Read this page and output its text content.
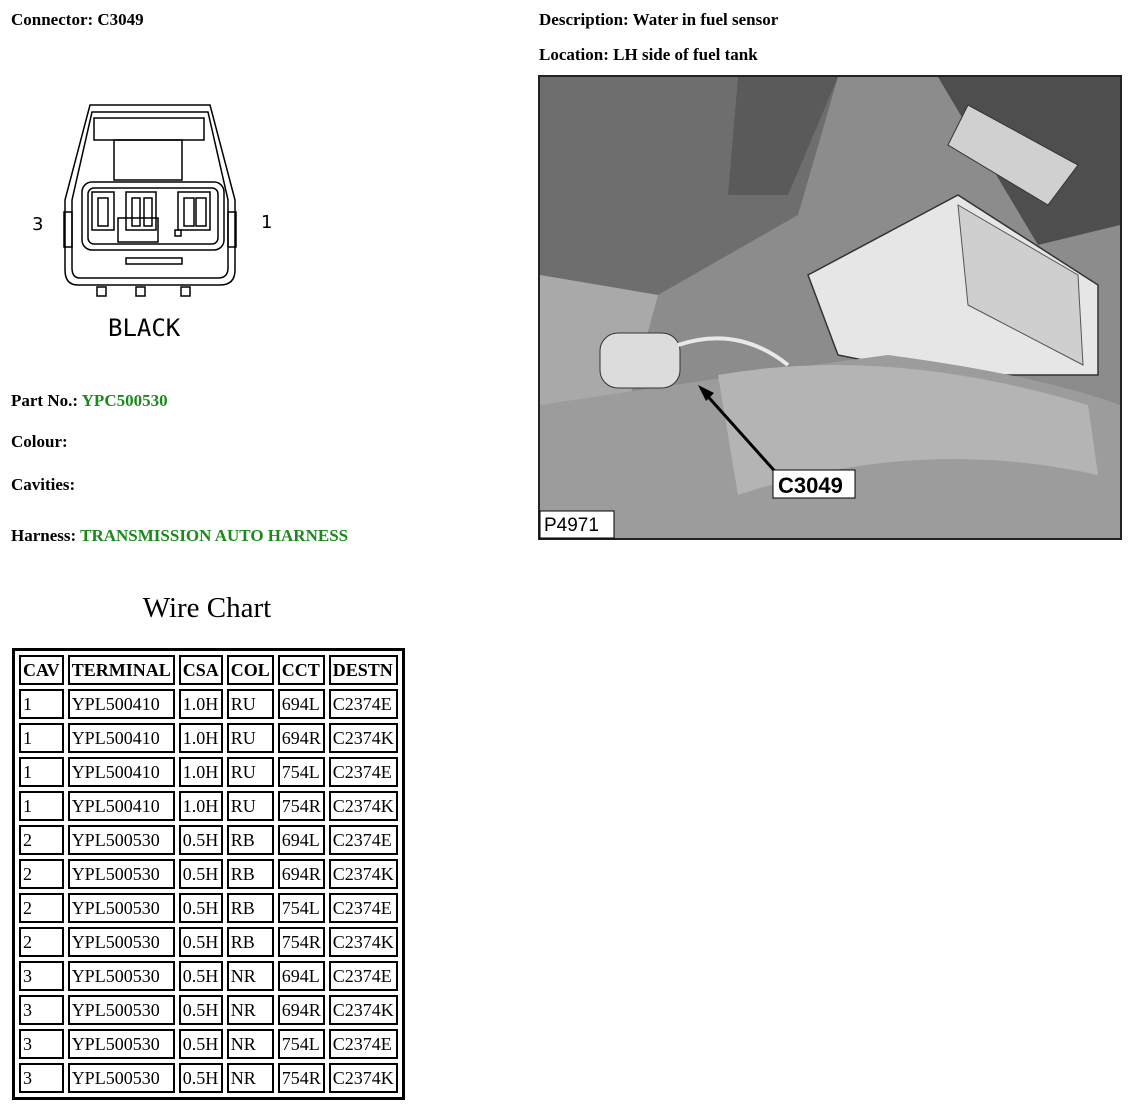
Connector: C3049	Description: Water in fuel sensor
Location: LH side of fuel tank
3	1
BLACK
C3049
P4971
Part No.: YPC500530
Colour:
Cavities:
Harness: TRANSMISSION AUTO HARNESS
Wire Chart
CAV	TERMINAL	CSA	COL	CCT	DESTN
1	YPL500410	1.0H	RU	694L	C2374E
1	YPL500410	1.0H	RU	694R	C2374K
1	YPL500410	1.0H	RU	754L	C2374E
1	YPL500410	1.0H	RU	754R	C2374K
2	YPL500530	0.5H	RB	694L	C2374E
2	YPL500530	0.5H	RB	694R	C2374K
2	YPL500530	0.5H	RB	754L	C2374E
2	YPL500530	0.5H	RB	754R	C2374K
3	YPL500530	0.5H	NR	694L	C2374E
3	YPL500530	0.5H	NR	694R	C2374K
3	YPL500530	0.5H	NR	754L	C2374E
3	YPL500530	0.5H	NR	754R	C2374K
